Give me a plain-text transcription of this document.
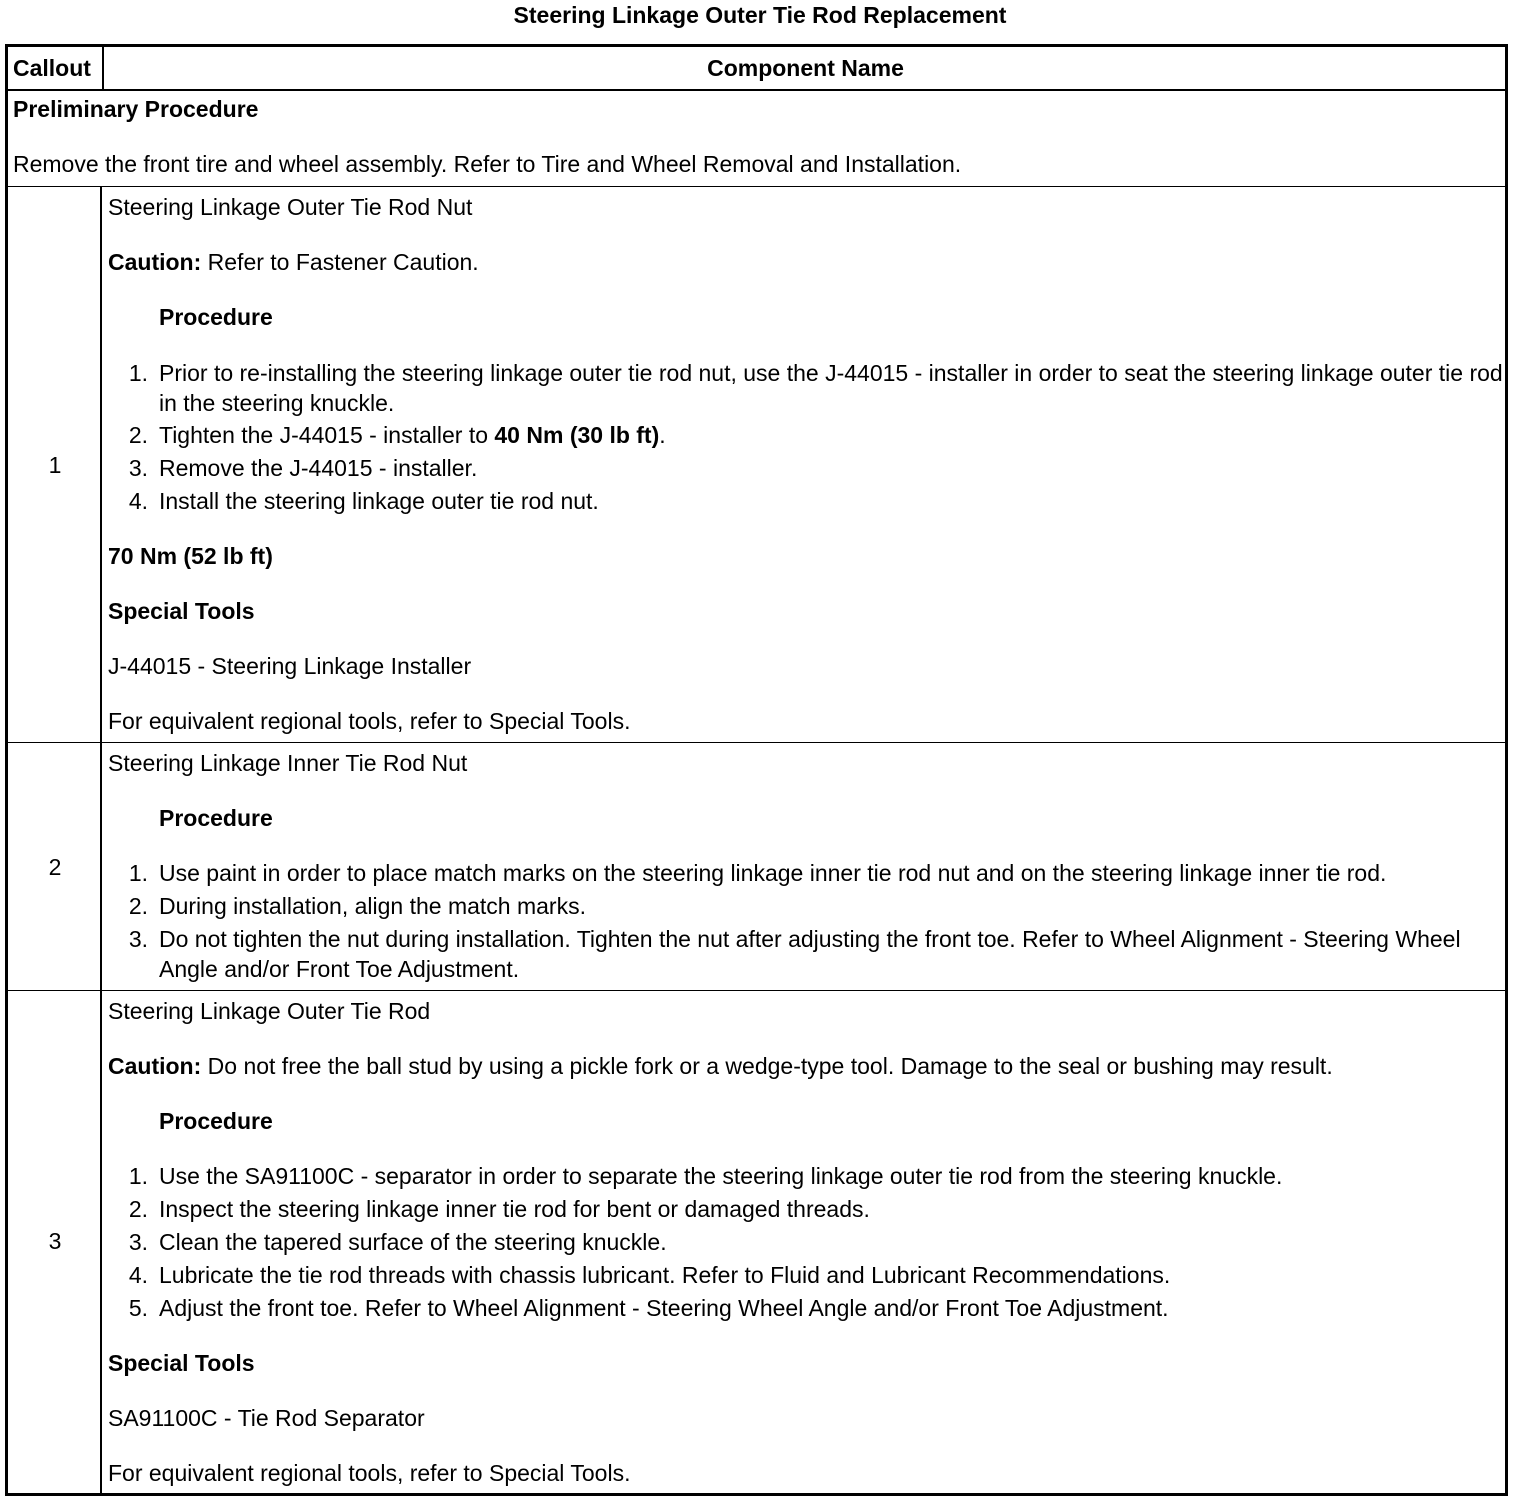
Steering Linkage Outer Tie Rod Replacement
Callout	Component Name
Preliminary Procedure
Remove the front tire and wheel assembly. Refer to Tire and Wheel Removal and Installation.
1
Steering Linkage Outer Tie Rod Nut
Caution: Refer to Fastener Caution.
Procedure
1. Prior to re-installing the steering linkage outer tie rod nut, use the J-44015 - installer in order to seat the steering linkage outer tie rod in the steering knuckle.
2. Tighten the J-44015 - installer to 40 Nm (30 lb ft).
3. Remove the J-44015 - installer.
4. Install the steering linkage outer tie rod nut.
70 Nm (52 lb ft)
Special Tools
J-44015 - Steering Linkage Installer
For equivalent regional tools, refer to Special Tools.
2
Steering Linkage Inner Tie Rod Nut
Procedure
1. Use paint in order to place match marks on the steering linkage inner tie rod nut and on the steering linkage inner tie rod.
2. During installation, align the match marks.
3. Do not tighten the nut during installation. Tighten the nut after adjusting the front toe. Refer to Wheel Alignment - Steering Wheel Angle and/or Front Toe Adjustment.
3
Steering Linkage Outer Tie Rod
Caution: Do not free the ball stud by using a pickle fork or a wedge-type tool. Damage to the seal or bushing may result.
Procedure
1. Use the SA91100C - separator in order to separate the steering linkage outer tie rod from the steering knuckle.
2. Inspect the steering linkage inner tie rod for bent or damaged threads.
3. Clean the tapered surface of the steering knuckle.
4. Lubricate the tie rod threads with chassis lubricant. Refer to Fluid and Lubricant Recommendations.
5. Adjust the front toe. Refer to Wheel Alignment - Steering Wheel Angle and/or Front Toe Adjustment.
Special Tools
SA91100C - Tie Rod Separator
For equivalent regional tools, refer to Special Tools.
